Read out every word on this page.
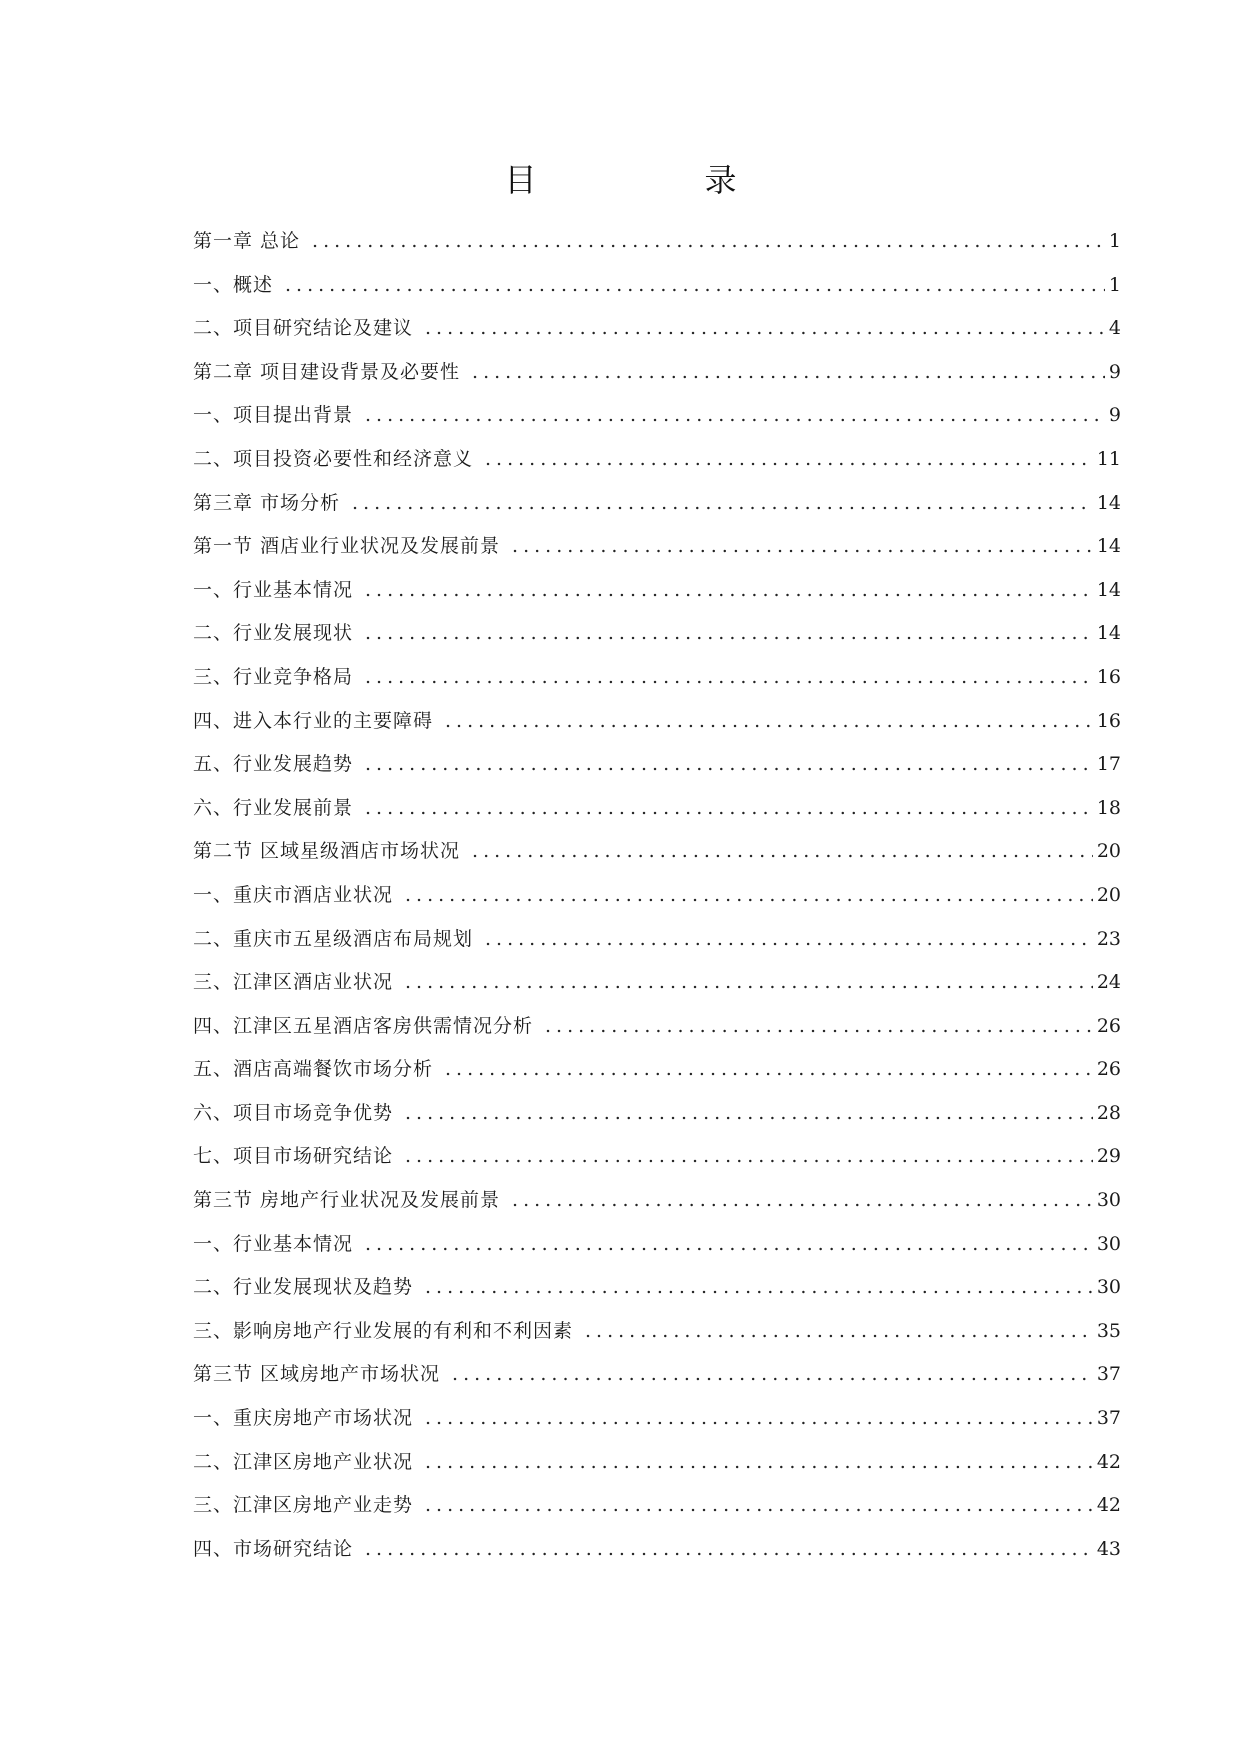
目　录
第一章 总论 .....	1
一、概述 .....	1
二、项目研究结论及建议 .....	4
第二章 项目建设背景及必要性 .....	9
一、项目提出背景 .....	9
二、项目投资必要性和经济意义 .....	11
第三章 市场分析 .....	14
第一节 酒店业行业状况及发展前景 .....	14
一、行业基本情况 .....	14
二、行业发展现状 .....	14
三、行业竞争格局 .....	16
四、进入本行业的主要障碍 .....	16
五、行业发展趋势 .....	17
六、行业发展前景 .....	18
第二节 区域星级酒店市场状况 .....	20
一、重庆市酒店业状况 .....	20
二、重庆市五星级酒店布局规划 .....	23
三、江津区酒店业状况 .....	24
四、江津区五星酒店客房供需情况分析 .....	26
五、酒店高端餐饮市场分析 .....	26
六、项目市场竞争优势 .....	28
七、项目市场研究结论 .....	29
第三节 房地产行业状况及发展前景 .....	30
一、行业基本情况 .....	30
二、行业发展现状及趋势 .....	30
三、影响房地产行业发展的有利和不利因素 .....	35
第三节 区域房地产市场状况 .....	37
一、重庆房地产市场状况 .....	37
二、江津区房地产业状况 .....	42
三、江津区房地产业走势 .....	42
四、市场研究结论 .....	43
